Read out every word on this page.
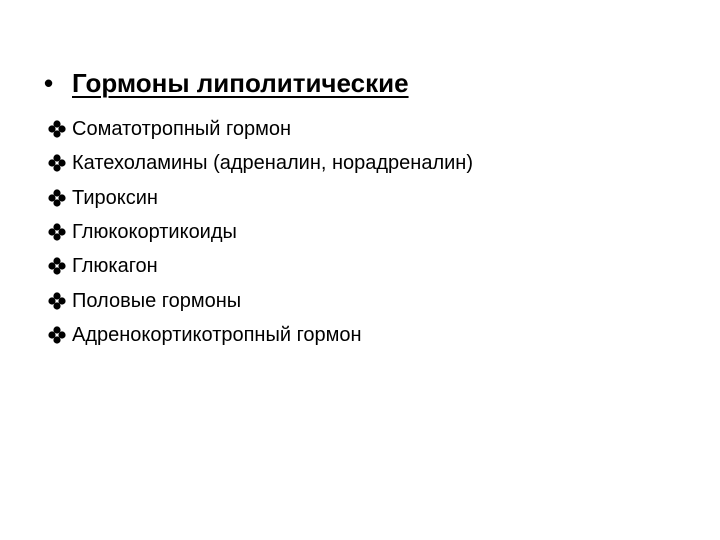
• Гормоны липолитические
Соматотропный гормон
Катехоламины (адреналин, норадреналин)
Тироксин
Глюкокортикоиды
Глюкагон
Половые гормоны
Адренокортикотропный гормон
